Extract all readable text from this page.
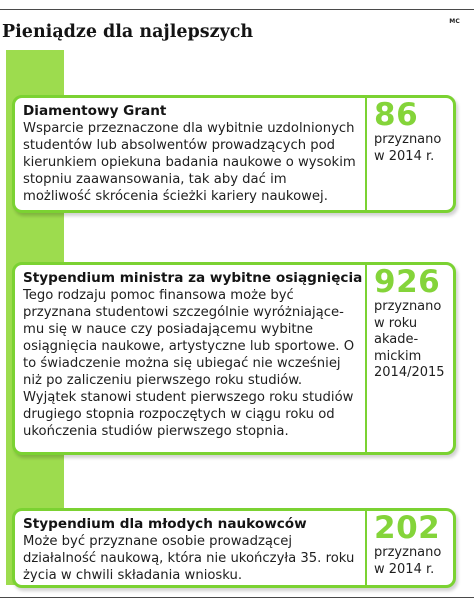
MC
Pieniądze dla najlepszych
Diamentowy Grant
Wsparcie przeznaczone dla wybitnie uzdolnionych studentów lub absolwentów prowadzących pod kierunkiem opiekuna badania naukowe o wysokim stopniu zaawansowania, tak aby dać im możliwość skrócenia ścieżki kariery naukowej.
86
przyznano
w 2014 r.
Stypendium ministra za wybitne osiągnięcia
Tego rodzaju pomoc finansowa może być przyznana studentowi szczególnie wyróżniające-mu się w nauce czy posiadającemu wybitne osiągnięcia naukowe, artystyczne lub sportowe. O to świadczenie można się ubiegać nie wcześniej niż po zaliczeniu pierwszego roku studiów. Wyjątek stanowi student pierwszego roku studiów drugiego stopnia rozpoczętych w ciągu roku od ukończenia studiów pierwszego stopnia.
926
przyznano
w roku
akade-
mickim
2014/2015
Stypendium dla młodych naukowców
Może być przyznane osobie prowadzącej działalność naukową, która nie ukończyła 35. roku życia w chwili składania wniosku.
202
przyznano
w 2014 r.
